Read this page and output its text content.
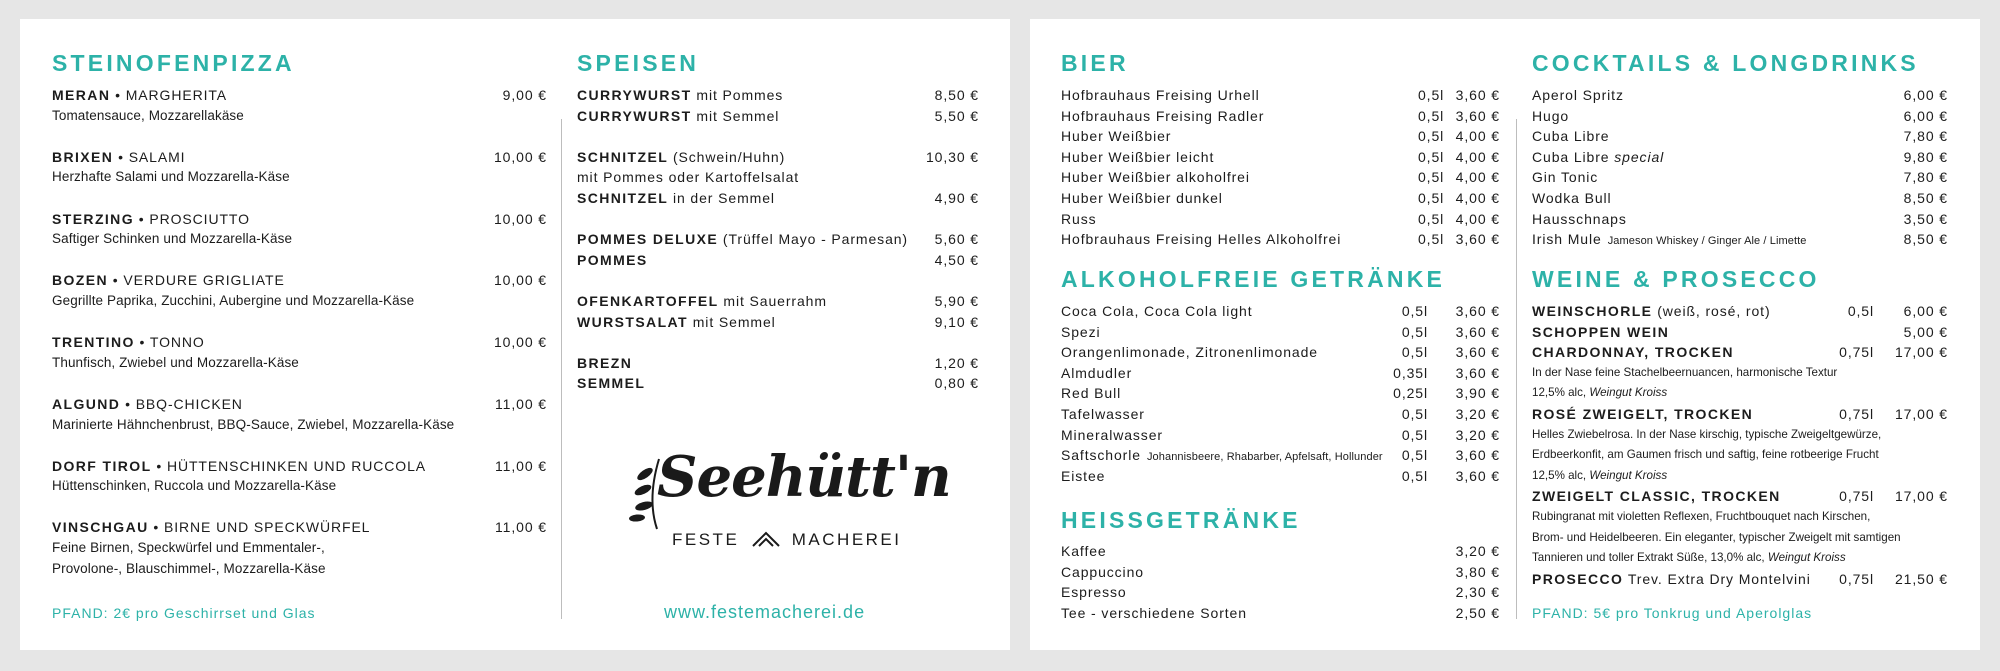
STEINOFENPIZZA
MERAN • MARGHERITA	9,00 €
Tomatensauce, Mozzarellakäse
BRIXEN • SALAMI	10,00 €
Herzhafte Salami und Mozzarella-Käse
STERZING • PROSCIUTTO	10,00 €
Saftiger Schinken und Mozzarella-Käse
BOZEN • VERDURE GRIGLIATE	10,00 €
Gegrillte Paprika, Zucchini, Aubergine und Mozzarella-Käse
TRENTINO • TONNO	10,00 €
Thunfisch, Zwiebel und Mozzarella-Käse
ALGUND • BBQ-CHICKEN	11,00 €
Marinierte Hähnchenbrust, BBQ-Sauce, Zwiebel, Mozzarella-Käse
DORF TIROL • HÜTTENSCHINKEN UND RUCCOLA	11,00 €
Hüttenschinken, Ruccola und Mozzarella-Käse
VINSCHGAU • BIRNE UND SPECKWÜRFEL	11,00 €
Feine Birnen, Speckwürfel und Emmentaler-,
Provolone-, Blauschimmel-, Mozzarella-Käse
PFAND: 2€ pro Geschirrset und Glas
SPEISEN
CURRYWURST mit Pommes	8,50 €
CURRYWURST mit Semmel	5,50 €
SCHNITZEL (Schwein/Huhn)	10,30 €
mit Pommes oder Kartoffelsalat
SCHNITZEL in der Semmel	4,90 €
POMMES DELUXE (Trüffel Mayo - Parmesan) 5,60 €
POMMES	4,50 €
OFENKARTOFFEL mit Sauerrahm	5,90 €
WURSTSALAT mit Semmel	9,10 €
BREZN	1,20 €
SEMMEL	0,80 €
Seehütt'n
FESTE	MACHEREI
www.festemacherei.de
BIER
Hofbrauhaus Freising Urhell	0,5l 3,60 €
Hofbrauhaus Freising Radler	0,5l 3,60 €
Huber Weißbier	0,5l 4,00 €
Huber Weißbier leicht	0,5l 4,00 €
Huber Weißbier alkoholfrei	0,5l 4,00 €
Huber Weißbier dunkel	0,5l 4,00 €
Russ	0,5l 4,00 €
Hofbrauhaus Freising Helles Alkoholfrei	0,5l 3,60 €
ALKOHOLFREIE GETRÄNKE
Coca Cola, Coca Cola light	0,5l 3,60 €
Spezi	0,5l 3,60 €
Orangenlimonade, Zitronenlimonade	0,5l 3,60 €
Almdudler	0,35l 3,60 €
Red Bull	0,25l 3,90 €
Tafelwasser	0,5l 3,20 €
Mineralwasser	0,5l 3,20 €
Saftschorle Johannisbeere, Rhabarber, Apfelsaft, Hollunder 0,5l 3,60 €
Eistee	0,5l 3,60 €
HEISSGETRÄNKE
Kaffee	3,20 €
Cappuccino	3,80 €
Espresso	2,30 €
Tee - verschiedene Sorten	2,50 €
COCKTAILS & LONGDRINKS
Aperol Spritz	6,00 €
Hugo	6,00 €
Cuba Libre	7,80 €
Cuba Libre special	9,80 €
Gin Tonic	7,80 €
Wodka Bull	8,50 €
Hausschnaps	3,50 €
Irish Mule Jameson Whiskey / Ginger Ale / Limette	8,50 €
WEINE & PROSECCO
WEINSCHORLE (weiß, rosé, rot)	0,5l 6,00 €
SCHOPPEN WEIN	5,00 €
CHARDONNAY, TROCKEN	0,75l 17,00 €
In der Nase feine Stachelbeernuancen, harmonische Textur
12,5% alc, Weingut Kroiss
ROSÉ ZWEIGELT, TROCKEN	0,75l 17,00 €
Helles Zwiebelrosa. In der Nase kirschig, typische Zweigeltgewürze,
Erdbeerkonfit, am Gaumen frisch und saftig, feine rotbeerige Frucht
12,5% alc, Weingut Kroiss
ZWEIGELT CLASSIC, TROCKEN	0,75l 17,00 €
Rubingranat mit violetten Reflexen, Fruchtbouquet nach Kirschen,
Brom- und Heidelbeeren. Ein eleganter, typischer Zweigelt mit samtigen
Tannieren und toller Extrakt Süße, 13,0% alc, Weingut Kroiss
PROSECCO Trev. Extra Dry Montelvini 0,75l 21,50 €
PFAND: 5€ pro Tonkrug und Aperolglas
